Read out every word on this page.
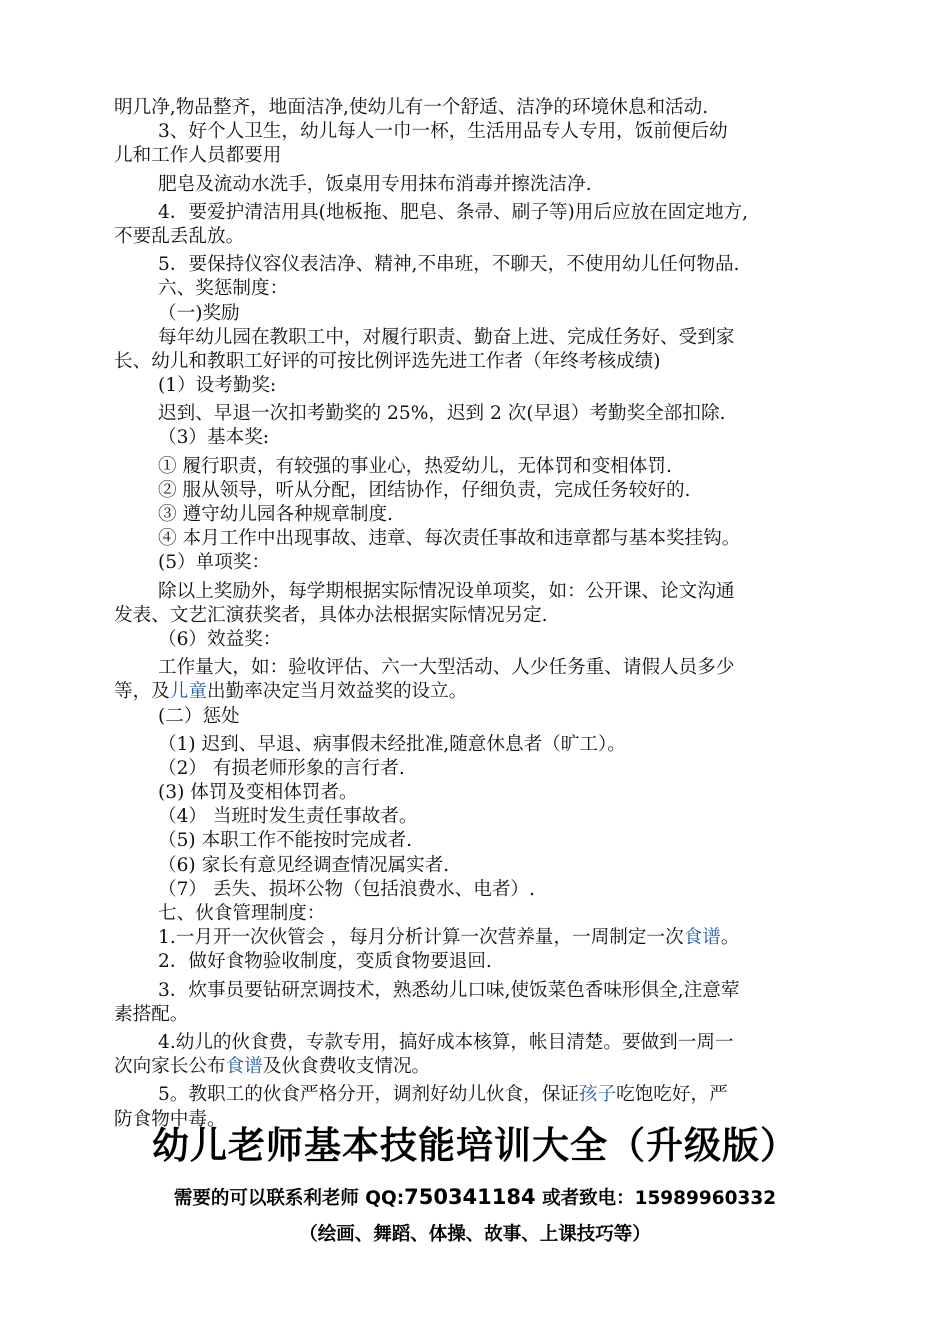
明几净,物品整齐，地面洁净,使幼儿有一个舒适、洁净的环境休息和活动.
3、好个人卫生，幼儿每人一巾一杯，生活用品专人专用，饭前便后幼
儿和工作人员都要用
肥皂及流动水洗手，饭桌用专用抹布消毒并擦洗洁净.
4．要爱护清洁用具(地板拖、肥皂、条帚、刷子等)用后应放在固定地方,
不要乱丢乱放。
5．要保持仪容仪表洁净、精神,不串班，不聊天，不使用幼儿任何物品.
六、奖惩制度：
（一)奖励
每年幼儿园在教职工中，对履行职责、勤奋上进、完成任务好、受到家
长、幼儿和教职工好评的可按比例评选先进工作者（年终考核成绩)
(1）设考勤奖:
迟到、早退一次扣考勤奖的 25%，迟到 2 次(早退）考勤奖全部扣除.
（3）基本奖:
① 履行职责，有较强的事业心，热爱幼儿，无体罚和变相体罚.
② 服从领导，听从分配，团结协作，仔细负责，完成任务较好的.
③ 遵守幼儿园各种规章制度.
④ 本月工作中出现事故、违章、每次责任事故和违章都与基本奖挂钩。
(5）单项奖：
除以上奖励外，每学期根据实际情况设单项奖，如：公开课、论文沟通
发表、文艺汇演获奖者，具体办法根据实际情况另定.
（6）效益奖：
工作量大，如：验收评估、六一大型活动、人少任务重、请假人员多少
等，及儿童出勤率决定当月效益奖的设立。
(二）惩处
（1) 迟到、早退、病事假未经批准,随意休息者（旷工）。
（2） 有损老师形象的言行者.
(3) 体罚及变相体罚者。
（4） 当班时发生责任事故者。
（5) 本职工作不能按时完成者.
（6) 家长有意见经调查情况属实者.
（7） 丢失、损坏公物（包括浪费水、电者）.
七、伙食管理制度：
1.一月开一次伙管会 ，每月分析计算一次营养量，一周制定一次食谱。
2．做好食物验收制度，变质食物要退回.
3．炊事员要钻研烹调技术，熟悉幼儿口味,使饭菜色香味形俱全,注意荤
素搭配。
4.幼儿的伙食费，专款专用，搞好成本核算，帐目清楚。要做到一周一
次向家长公布食谱及伙食费收支情况。
5。教职工的伙食严格分开，调剂好幼儿伙食，保证孩子吃饱吃好，严
防食物中毒。
幼儿老师基本技能培训大全（升级版）
需要的可以联系利老师 QQ:750341184 或者致电：15989960332
（绘画、舞蹈、体操、故事、上课技巧等）
